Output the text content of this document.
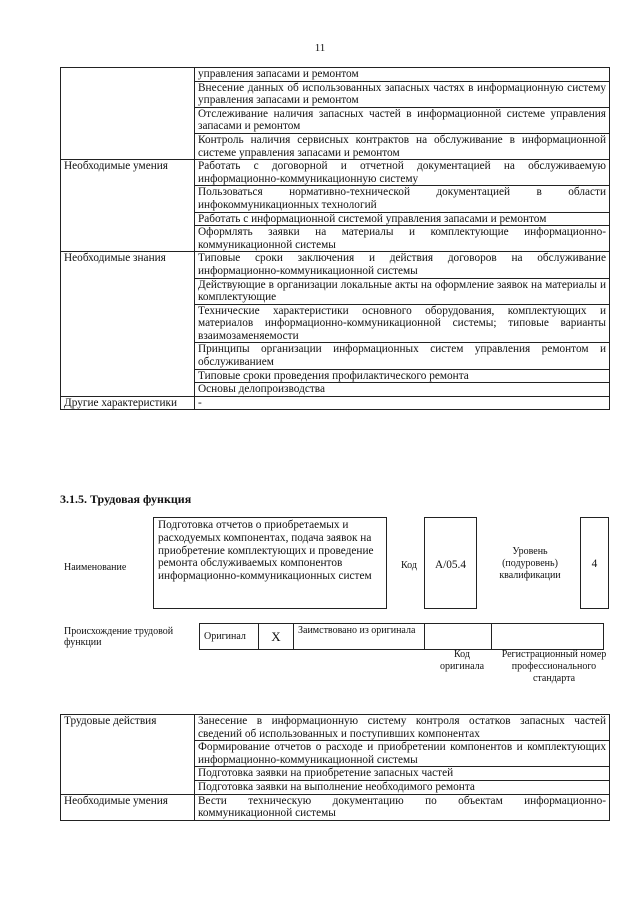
11
	управления запасами и ремонтом
	Внесение данных об использованных запасных частях в информационную систему управления запасами и ремонтом
	Отслеживание наличия запасных частей в информационной системе управления запасами и ремонтом
	Контроль наличия сервисных контрактов на обслуживание в информационной системе управления запасами и ремонтом
Необходимые умения	Работать с договорной и отчетной документацией на обслуживаемую информационно-коммуникационную систему
	Пользоваться нормативно-технической документацией в области инфокоммуникационных технологий
	Работать с информационной системой управления запасами и ремонтом
	Оформлять заявки на материалы и комплектующие информационно-коммуникационной системы
Необходимые знания	Типовые сроки заключения и действия договоров на обслуживание информационно-коммуникационной системы
	Действующие в организации локальные акты на оформление заявок на материалы и комплектующие
	Технические характеристики основного оборудования, комплектующих и материалов информационно-коммуникационной системы; типовые варианты взаимозаменяемости
	Принципы организации информационных систем управления ремонтом и обслуживанием
	Типовые сроки проведения профилактического ремонта
	Основы делопроизводства
Другие характеристики	-
3.1.5. Трудовая функция
Наименование
Подготовка отчетов о приобретаемых и расходуемых компонентах, подача заявок на приобретение комплектующих и проведение ремонта обслуживаемых компонентов информационно-коммуникационных систем
Код	А/05.4
Уровень (подуровень) квалификации
4
Происхождение трудовой функции
Оригинал	X	Заимствовано из оригинала		
Код оригинала
Регистрационный номер профессионального стандарта
Трудовые действия	Занесение в информационную систему контроля остатков запасных частей сведений об использованных и поступивших компонентах
	Формирование отчетов о расходе и приобретении компонентов и комплектующих информационно-коммуникационной системы
	Подготовка заявки на приобретение запасных частей
	Подготовка заявки на выполнение необходимого ремонта
Необходимые умения	Вести техническую документацию по объектам информационно-коммуникационной системы
